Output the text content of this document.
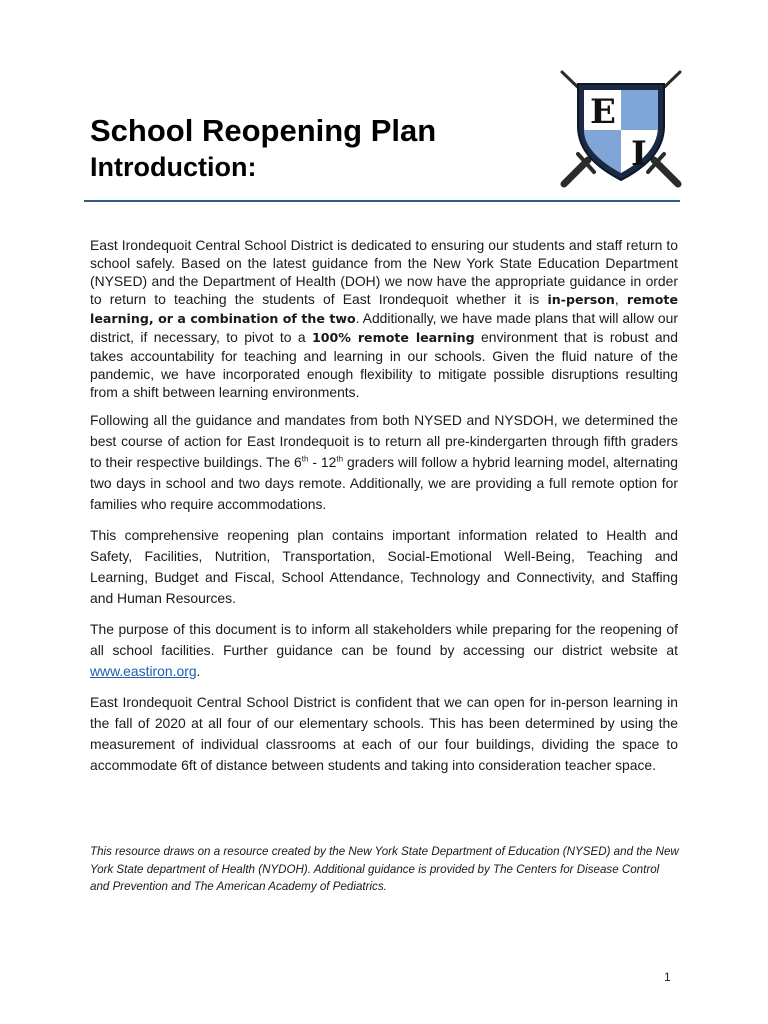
School Reopening Plan
Introduction:
E
I

East Irondequoit Central School District is dedicated to ensuring our students and staff return to school safely. Based on the latest guidance from the New York State Education Department (NYSED) and the Department of Health (DOH) we now have the appropriate guidance in order to return to teaching the students of East Irondequoit whether it is in-person, remote learning, or a combination of the two. Additionally, we have made plans that will allow our district, if necessary, to pivot to a 100% remote learning environment that is robust and takes accountability for teaching and learning in our schools. Given the fluid nature of the pandemic, we have incorporated enough flexibility to mitigate possible disruptions resulting from a shift between learning environments.

Following all the guidance and mandates from both NYSED and NYSDOH, we determined the best course of action for East Irondequoit is to return all pre-kindergarten through fifth graders to their respective buildings. The 6th - 12th graders will follow a hybrid learning model, alternating two days in school and two days remote. Additionally, we are providing a full remote option for families who require accommodations.

This comprehensive reopening plan contains important information related to Health and Safety, Facilities, Nutrition, Transportation, Social-Emotional Well-Being, Teaching and Learning, Budget and Fiscal, School Attendance, Technology and Connectivity, and Staffing and Human Resources.

The purpose of this document is to inform all stakeholders while preparing for the reopening of all school facilities. Further guidance can be found by accessing our district website at www.eastiron.org.

East Irondequoit Central School District is confident that we can open for in-person learning in the fall of 2020 at all four of our elementary schools. This has been determined by using the measurement of individual classrooms at each of our four buildings, dividing the space to accommodate 6ft of distance between students and taking into consideration teacher space.

This resource draws on a resource created by the New York State Department of Education (NYSED) and the New York State department of Health (NYDOH). Additional guidance is provided by The Centers for Disease Control and Prevention and The American Academy of Pediatrics.
1
